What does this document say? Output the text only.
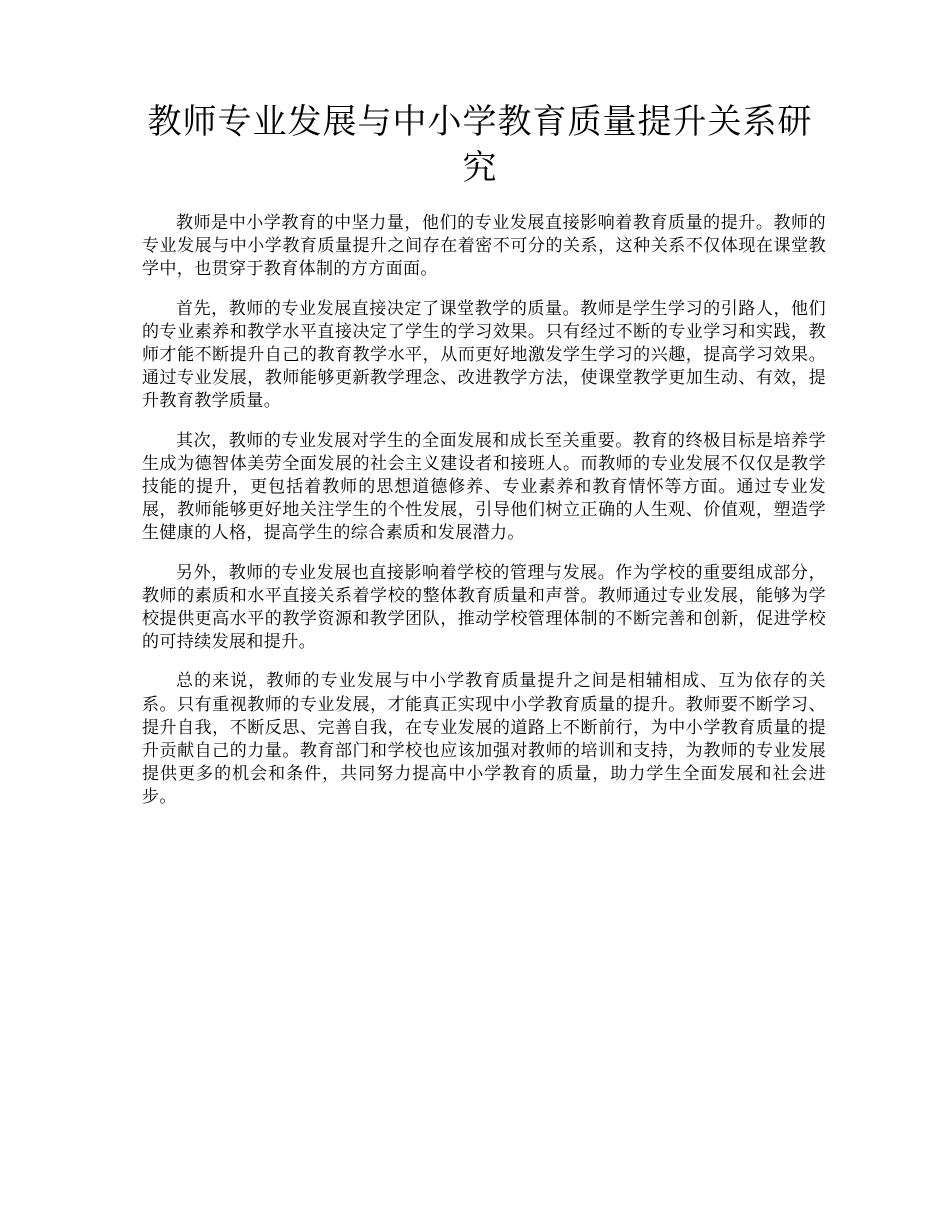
教师专业发展与中小学教育质量提升关系研究

教师是中小学教育的中坚力量，他们的专业发展直接影响着教育质量的提升。教师的专业发展与中小学教育质量提升之间存在着密不可分的关系，这种关系不仅体现在课堂教学中，也贯穿于教育体制的方方面面。

首先，教师的专业发展直接决定了课堂教学的质量。教师是学生学习的引路人，他们的专业素养和教学水平直接决定了学生的学习效果。只有经过不断的专业学习和实践，教师才能不断提升自己的教育教学水平，从而更好地激发学生学习的兴趣，提高学习效果。通过专业发展，教师能够更新教学理念、改进教学方法，使课堂教学更加生动、有效，提升教育教学质量。

其次，教师的专业发展对学生的全面发展和成长至关重要。教育的终极目标是培养学生成为德智体美劳全面发展的社会主义建设者和接班人。而教师的专业发展不仅仅是教学技能的提升，更包括着教师的思想道德修养、专业素养和教育情怀等方面。通过专业发展，教师能够更好地关注学生的个性发展，引导他们树立正确的人生观、价值观，塑造学生健康的人格，提高学生的综合素质和发展潜力。

另外，教师的专业发展也直接影响着学校的管理与发展。作为学校的重要组成部分，教师的素质和水平直接关系着学校的整体教育质量和声誉。教师通过专业发展，能够为学校提供更高水平的教学资源和教学团队，推动学校管理体制的不断完善和创新，促进学校的可持续发展和提升。

总的来说，教师的专业发展与中小学教育质量提升之间是相辅相成、互为依存的关系。只有重视教师的专业发展，才能真正实现中小学教育质量的提升。教师要不断学习、提升自我，不断反思、完善自我，在专业发展的道路上不断前行，为中小学教育质量的提升贡献自己的力量。教育部门和学校也应该加强对教师的培训和支持，为教师的专业发展提供更多的机会和条件，共同努力提高中小学教育的质量，助力学生全面发展和社会进步。
